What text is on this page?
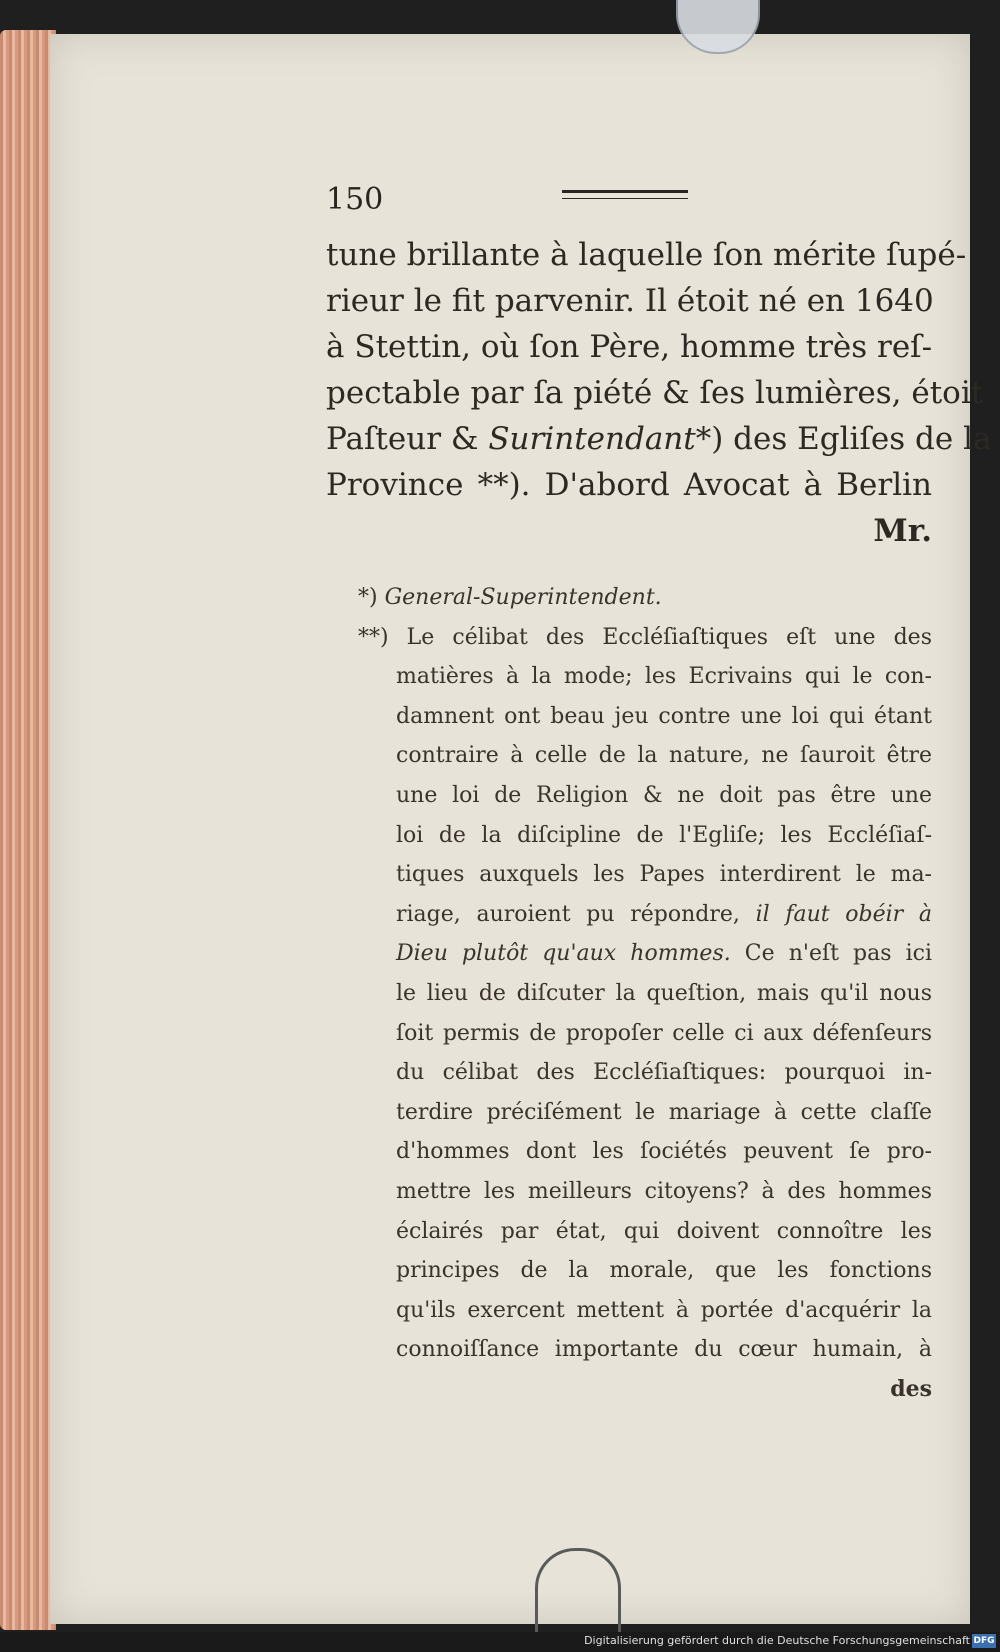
150
tune brillante à laquelle ſon mérite ſupé-
rieur le fit parvenir. Il étoit né en 1640
à Stettin, où ſon Père, homme très reſ-
pectable par ſa piété & ſes lumières, étoit
Paſteur & Surintendant*) des Egliſes de la
Province **). D'abord Avocat à Berlin
Mr.
*) General-Superintendent.
**) Le célibat des Eccléſiaſtiques eſt une des
matières à la mode; les Ecrivains qui le con-
damnent ont beau jeu contre une loi qui étant
contraire à celle de la nature, ne ſauroit être
une loi de Religion & ne doit pas être une
loi de la diſcipline de l'Egliſe; les Eccléſiaſ-
tiques auxquels les Papes interdirent le ma-
riage, auroient pu répondre, il faut obéir à
Dieu plutôt qu'aux hommes. Ce n'eſt pas ici
le lieu de diſcuter la queſtion, mais qu'il nous
ſoit permis de propoſer celle ci aux défenſeurs
du célibat des Eccléſiaſtiques: pourquoi in-
terdire préciſément le mariage à cette claſſe
d'hommes dont les ſociétés peuvent ſe pro-
mettre les meilleurs citoyens? à des hommes
éclairés par état, qui doivent connoître les
principes de la morale, que les fonctions
qu'ils exercent mettent à portée d'acquérir la
connoiſſance importante du cœur humain, à
des
Digitalisierung gefördert durch die Deutsche Forschungsgemeinschaft DFG
